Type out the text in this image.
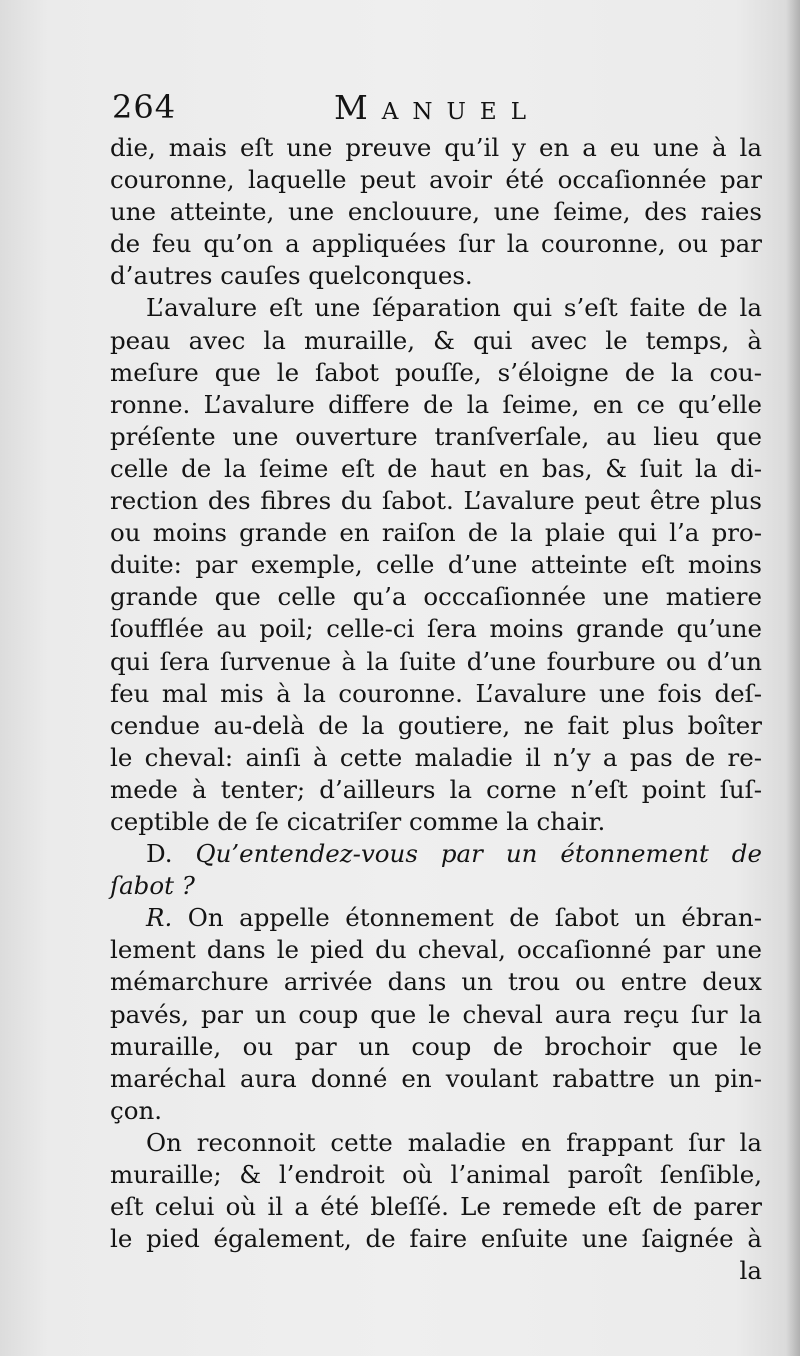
264	Manuel
die, mais eſt une preuve qu’il y en a eu une à la
couronne, laquelle peut avoir été occaſionnée par
une atteinte, une enclouure, une ſeime, des raies
de feu qu’on a appliquées ſur la couronne, ou par
d’autres cauſes quelconques.
L’avalure eſt une ſéparation qui s’eſt faite de la
peau avec la muraille, & qui avec le temps, à
meſure que le ſabot pouſſe, s’éloigne de la cou-
ronne. L’avalure differe de la ſeime, en ce qu’elle
préſente une ouverture tranſverſale, au lieu que
celle de la ſeime eſt de haut en bas, & ſuit la di-
rection des fibres du ſabot. L’avalure peut être plus
ou moins grande en raiſon de la plaie qui l’a pro-
duite: par exemple, celle d’une atteinte eſt moins
grande que celle qu’a occcaſionnée une matiere
ſoufflée au poil; celle-ci ſera moins grande qu’une
qui ſera ſurvenue à la ſuite d’une fourbure ou d’un
feu mal mis à la couronne. L’avalure une fois deſ-
cendue au-delà de la goutiere, ne fait plus boîter
le cheval: ainſi à cette maladie il n’y a pas de re-
mede à tenter; d’ailleurs la corne n’eſt point ſuſ-
ceptible de ſe cicatriſer comme la chair.
D. Qu’entendez-vous par un étonnement de
ſabot ?
R. On appelle étonnement de ſabot un ébran-
lement dans le pied du cheval, occaſionné par une
mémarchure arrivée dans un trou ou entre deux
pavés, par un coup que le cheval aura reçu ſur la
muraille, ou par un coup de brochoir que le
maréchal aura donné en voulant rabattre un pin-
çon.
On reconnoit cette maladie en frappant ſur la
muraille; & l’endroit où l’animal paroît ſenſible,
eſt celui où il a été bleſſé. Le remede eſt de parer
le pied également, de faire enſuite une ſaignée à
la
